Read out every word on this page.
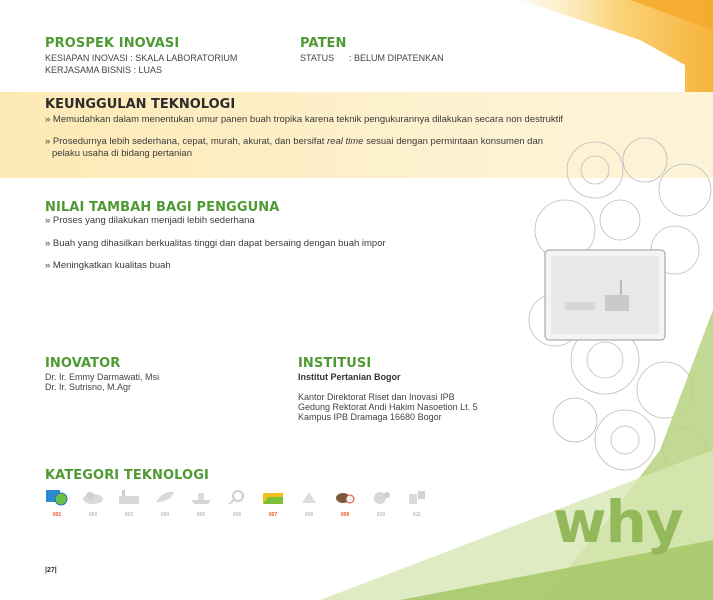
PROSPEK INOVASI
KESIAPAN INOVASI : SKALA LABORATORIUM
KERJASAMA BISNIS : LUAS
PATEN
STATUS : BELUM DIPATENKAN
KEUNGGULAN TEKNOLOGI
» Memudahkan dalam menentukan umur panen buah tropika karena teknik pengukurannya dilakukan secara non destruktif
» Prosedurnya lebih sederhana, cepat, murah, akurat, dan bersifat real time sesuai dengan permintaan konsumen dan
pelaku usaha di bidang pertanian
NILAI TAMBAH BAGI PENGGUNA
» Proses yang dilakukan menjadi lebih sederhana
» Buah yang dihasilkan berkualitas tinggi dan dapat bersaing dengan buah impor
» Meningkatkan kualitas buah
INOVATOR
Dr. Ir. Emmy Darmawati, Msi
Dr. Ir. Sutrisno, M.Agr
INSTITUSI
Institut Pertanian Bogor
Kantor Direktorat Riset dan Inovasi IPB
Gedung Rektorat Andi Hakim Nasoetion Lt. 5
Kampus IPB Dramaga 16680 Bogor
KATEGORI TEKNOLOGI
001	002	003	004	005	006	007	008	009	010	011 why
|27|
